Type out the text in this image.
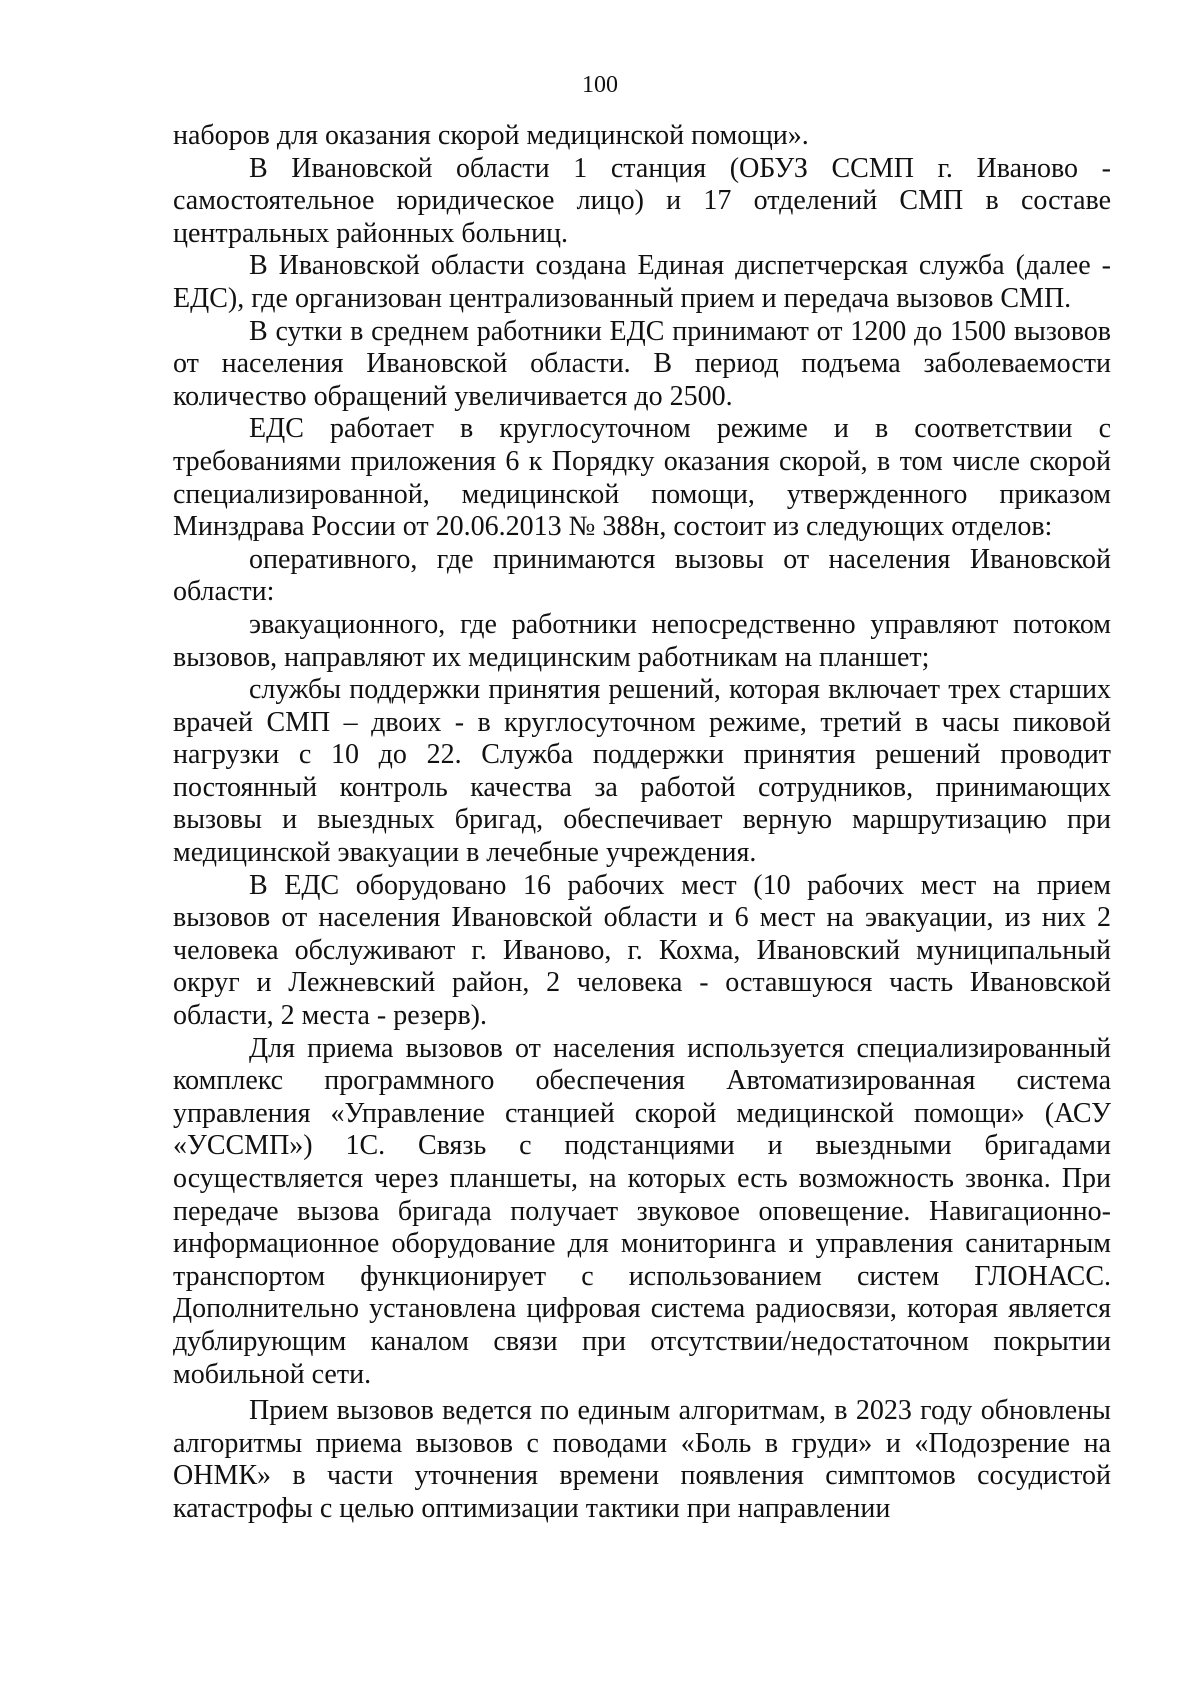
100

наборов для оказания скорой медицинской помощи».

В Ивановской области 1 станция (ОБУЗ ССМП г. Иваново - самостоятельное юридическое лицо) и 17 отделений СМП в составе центральных районных больниц.

В Ивановской области создана Единая диспетчерская служба (далее - ЕДС), где организован централизованный прием и передача вызовов СМП.

В сутки в среднем работники ЕДС принимают от 1200 до 1500 вызовов от населения Ивановской области. В период подъема заболеваемости количество обращений увеличивается до 2500.

ЕДС работает в круглосуточном режиме и в соответствии с требованиями приложения 6 к Порядку оказания скорой, в том числе скорой специализированной, медицинской помощи, утвержденного приказом Минздрава России от 20.06.2013 № 388н, состоит из следующих отделов:

оперативного, где принимаются вызовы от населения Ивановской области:

эвакуационного, где работники непосредственно управляют потоком вызовов, направляют их медицинским работникам на планшет;

службы поддержки принятия решений, которая включает трех старших врачей СМП – двоих - в круглосуточном режиме, третий в часы пиковой нагрузки с 10 до 22. Служба поддержки принятия решений проводит постоянный контроль качества за работой сотрудников, принимающих вызовы и выездных бригад, обеспечивает верную маршрутизацию при медицинской эвакуации в лечебные учреждения.

В ЕДС оборудовано 16 рабочих мест (10 рабочих мест на прием вызовов от населения Ивановской области и 6 мест на эвакуации, из них 2 человека обслуживают г. Иваново, г. Кохма, Ивановский муниципальный округ и Лежневский район, 2 человека - оставшуюся часть Ивановской области, 2 места - резерв).

Для приема вызовов от населения используется специализированный комплекс программного обеспечения Автоматизированная система управления «Управление станцией скорой медицинской помощи» (АСУ «УССМП») 1С. Связь с подстанциями и выездными бригадами осуществляется через планшеты, на которых есть возможность звонка. При передаче вызова бригада получает звуковое оповещение. Навигационно-информационное оборудование для мониторинга и управления санитарным транспортом функционирует с использованием систем ГЛОНАСС. Дополнительно установлена цифровая система радиосвязи, которая является дублирующим каналом связи при отсутствии/недостаточном покрытии мобильной сети.

Прием вызовов ведется по единым алгоритмам, в 2023 году обновлены алгоритмы приема вызовов с поводами «Боль в груди» и «Подозрение на ОНМК» в части уточнения времени появления симптомов сосудистой катастрофы с целью оптимизации тактики при направлении
